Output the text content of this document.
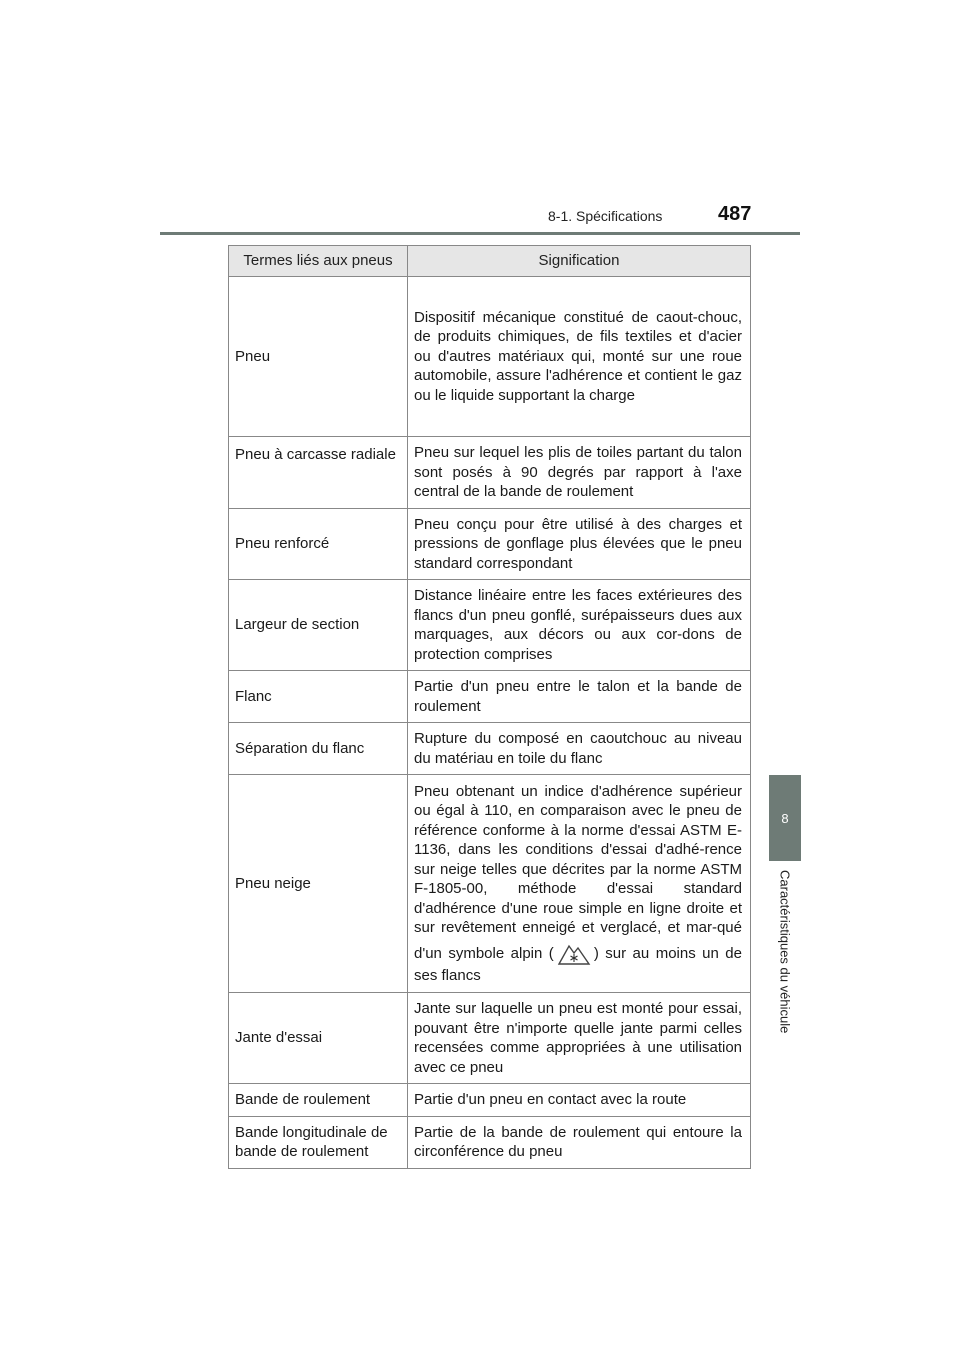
8-1. Spécifications	487
8
Caractéristiques du véhicule
Termes liés aux pneus	Signification
Pneu	Dispositif mécanique constitué de caout-chouc, de produits chimiques, de fils textiles et d'acier ou d'autres matériaux qui, monté sur une roue automobile, assure l'adhérence et contient le gaz ou le liquide supportant la charge
Pneu à carcasse radiale	Pneu sur lequel les plis de toiles partant du talon sont posés à 90 degrés par rapport à l'axe central de la bande de roulement
Pneu renforcé	Pneu conçu pour être utilisé à des charges et pressions de gonflage plus élevées que le pneu standard correspondant
Largeur de section	Distance linéaire entre les faces extérieures des flancs d'un pneu gonflé, surépaisseurs dues aux marquages, aux décors ou aux cor-dons de protection comprises
Flanc	Partie d'un pneu entre le talon et la bande de roulement
Séparation du flanc	Rupture du composé en caoutchouc au niveau du matériau en toile du flanc
Pneu neige	Pneu obtenant un indice d'adhérence supérieur ou égal à 110, en comparaison avec le pneu de référence conforme à la norme d'essai ASTM E-1136, dans les conditions d'essai d'adhé-rence sur neige telles que décrites par la norme ASTM F-1805-00, méthode d'essai standard d'adhérence d'une roue simple en ligne droite et sur revêtement enneigé et verglacé, et mar-qué d'un symbole alpin ( ) sur au moins un de ses flancs
Jante d'essai	Jante sur laquelle un pneu est monté pour essai, pouvant être n'importe quelle jante parmi celles recensées comme appropriées à une utilisation avec ce pneu
Bande de roulement	Partie d'un pneu en contact avec la route
Bande longitudinale de bande de roulement	Partie de la bande de roulement qui entoure la circonférence du pneu
